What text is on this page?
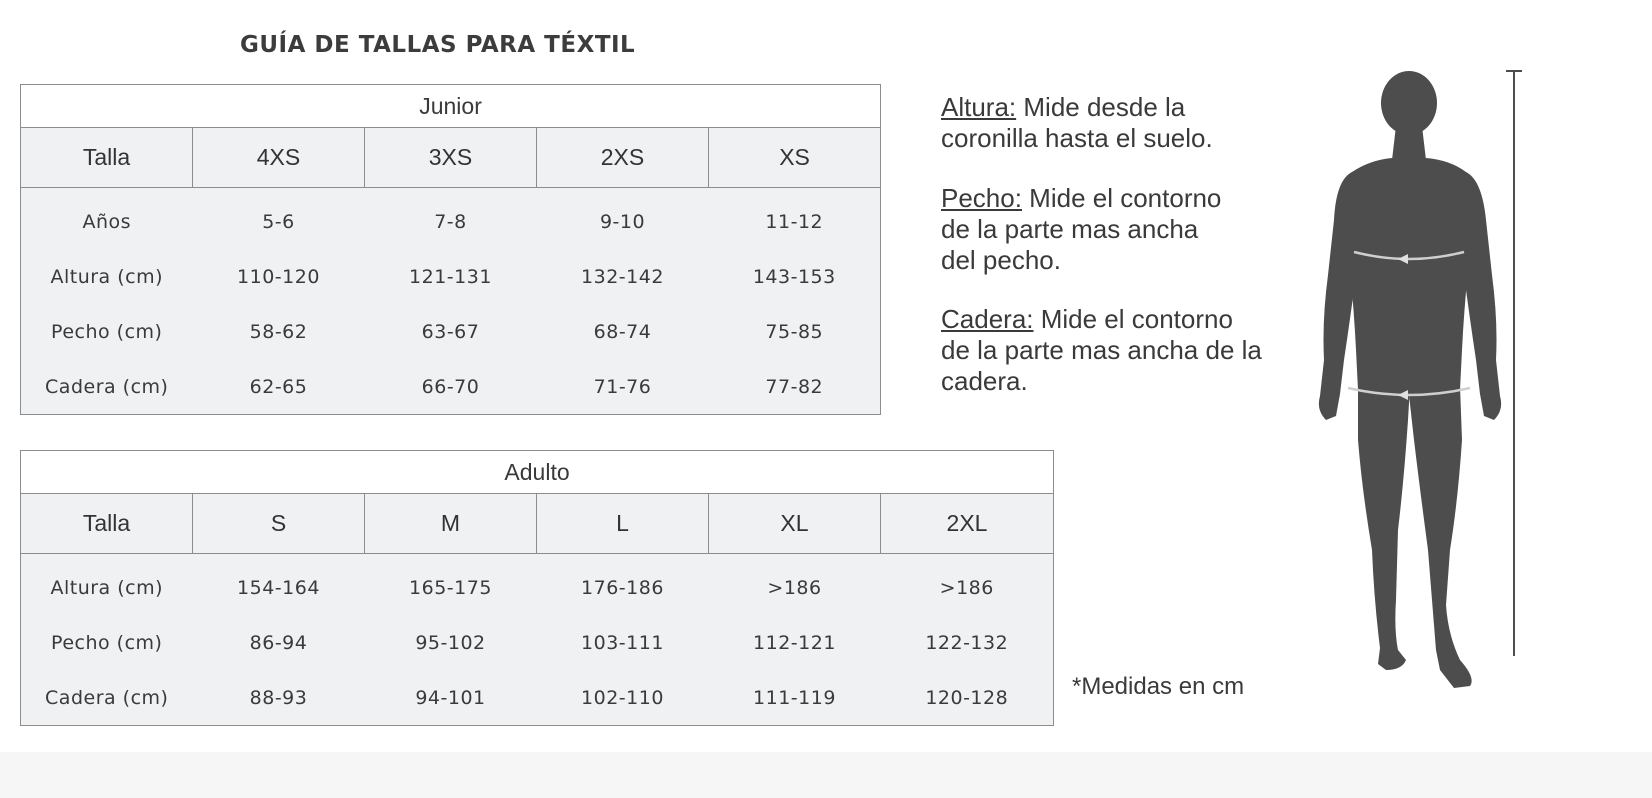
GUÍA DE TALLAS PARA TÉXTIL
Junior				
Talla	4XS	3XS	2XS	XS
Años	5-6	7-8	9-10	11-12
Altura (cm)	110-120	121-131	132-142	143-153
Pecho (cm)	58-62	63-67	68-74	75-85
Cadera (cm)	62-65	66-70	71-76	77-82
Adulto					
Talla	S	M	L	XL	2XL
Altura (cm)	154-164	165-175	176-186	>186	>186
Pecho (cm)	86-94	95-102	103-111	112-121	122-132
Cadera (cm)	88-93	94-101	102-110	111-119	120-128
Altura: Mide desde la
coronilla hasta el suelo.
Pecho: Mide el contorno
de la parte mas ancha
del pecho.
Cadera: Mide el contorno
de la parte mas ancha de la
cadera.
*Medidas en cm
